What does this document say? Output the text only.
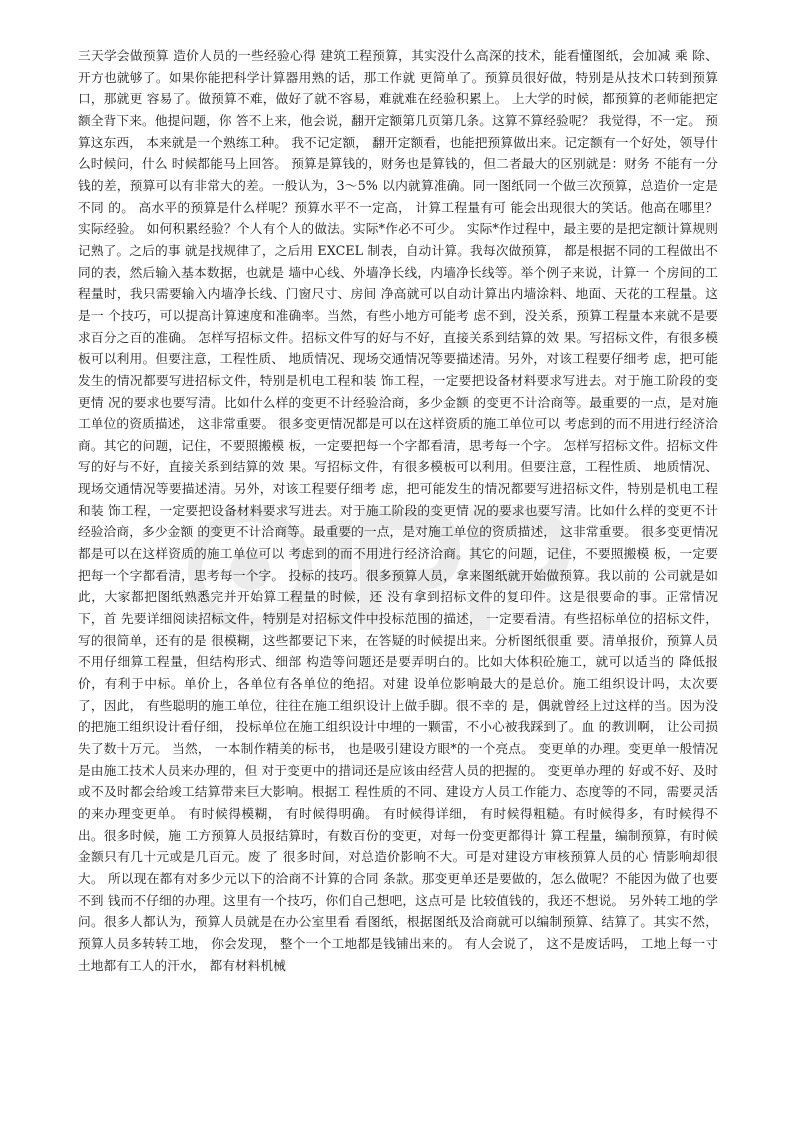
三天学会做预算 造价人员的一些经验心得 建筑工程预算，其实没什么高深的技术，能看懂图纸，会加减 乘 除、开方也就够了。如果你能把科学计算器用熟的话，那工作就 更简单了。预算员很好做，特别是从技术口转到预算口，那就更 容易了。做预算不难，做好了就不容易，难就难在经验积累上。 上大学的时候，都预算的老师能把定额全背下来。他提问题，你 答不上来，他会说，翻开定额第几页第几条。这算不算经验呢？ 我觉得，不一定。 预算这东西， 本来就是一个熟练工种。 我不记定额， 翻开定额看，也能把预算做出来。记定额有一个好处，领导什么时候问，什么 时候都能马上回答。 预算是算钱的，财务也是算钱的，但二者最大的区别就是：财务 不能有一分钱的差，预算可以有非常大的差。一般认为，3～5% 以内就算准确。同一图纸同一个做三次预算，总造价一定是不同 的。 高水平的预算是什么样呢？预算水平不一定高， 计算工程量有可 能会出现很大的笑话。他高在哪里？实际经验。 如何积累经验？个人有个人的做法。实际*作必不可少。 实际*作过程中，最主要的是把定额计算规则记熟了。之后的事 就是找规律了，之后用 EXCEL 制表，自动计算。我每次做预算， 都是根据不同的工程做出不同的表，然后输入基本数据，也就是 墙中心线、外墙净长线，内墙净长线等。举个例子来说，计算一 个房间的工程量时，我只需要输入内墙净长线、门窗尺寸、房间 净高就可以自动计算出内墙涂料、地面、天花的工程量。这是一 个技巧，可以提高计算速度和准确率。当然，有些小地方可能考 虑不到，没关系，预算工程量本来就不是要求百分之百的准确。 怎样写招标文件。招标文件写的好与不好，直接关系到结算的效 果。写招标文件，有很多模板可以利用。但要注意，工程性质、 地质情况、现场交通情况等要描述清。另外，对该工程要仔细考 虑，把可能发生的情况都要写进招标文件，特别是机电工程和装 饰工程，一定要把设备材料要求写进去。对于施工阶段的变更情 况的要求也要写清。比如什么样的变更不计经验洽商，多少金额 的变更不计洽商等。最重要的一点，是对施工单位的资质描述， 这非常重要。 很多变更情况都是可以在这样资质的施工单位可以 考虑到的而不用进行经济洽商。其它的问题，记住，不要照搬模 板，一定要把每一个字都看清，思考每一个字。 怎样写招标文件。招标文件写的好与不好，直接关系到结算的效 果。写招标文件，有很多模板可以利用。但要注意，工程性质、 地质情况、现场交通情况等要描述清。另外，对该工程要仔细考 虑，把可能发生的情况都要写进招标文件，特别是机电工程和装 饰工程，一定要把设备材料要求写进去。对于施工阶段的变更情 况的要求也要写清。比如什么样的变更不计经验洽商，多少金额 的变更不计洽商等。最重要的一点，是对施工单位的资质描述， 这非常重要。 很多变更情况都是可以在这样资质的施工单位可以 考虑到的而不用进行经济洽商。其它的问题，记住，不要照搬模 板，一定要把每一个字都看清，思考每一个字。 投标的技巧。很多预算人员，拿来图纸就开始做预算。我以前的 公司就是如此，大家都把图纸熟悉完并开始算工程量的时候，还 没有拿到招标文件的复印件。这是很要命的事。正常情况下，首 先要详细阅读招标文件，特别是对招标文件中投标范围的描述， 一定要看清。有些招标单位的招标文件，写的很简单，还有的是 很模糊，这些都要记下来，在答疑的时候提出来。分析图纸很重 要。清单报价，预算人员不用仔细算工程量，但结构形式、细部 构造等问题还是要弄明白的。比如大体积砼施工，就可以适当的 降低报价，有利于中标。单价上，各单位有各单位的绝招。对建 设单位影响最大的是总价。施工组织设计吗，太次要了，因此， 有些聪明的施工单位，往往在施工组织设计上做手脚。很不幸的 是，偶就曾经上过这样的当。因为没的把施工组织设计看仔细， 投标单位在施工组织设计中埋的一颗雷，不小心被我踩到了。血 的教训啊， 让公司损失了数十万元。 当然， 一本制作精美的标书， 也是吸引建设方眼*的一个亮点。 变更单的办理。变更单一般情况是由施工技术人员来办理的，但 对于变更中的措词还是应该由经营人员的把握的。 变更单办理的 好或不好、及时或不及时都会给竣工结算带来巨大影响。根据工 程性质的不同、建设方人员工作能力、态度等的不同，需要灵活 的来办理变更单。 有时候得模糊， 有时候得明确。 有时候得详细， 有时候得粗糙。有时候得多，有时候得不出。很多时候，施 工方预算人员报结算时，有数百份的变更，对每一份变更都得计 算工程量，编制预算，有时候金额只有几十元或是几百元。废 了 很多时间，对总造价影响不大。可是对建设方审核预算人员的心 情影响却很大。 所以现在都有对多少元以下的洽商不计算的合同 条款。那变更单还是要做的，怎么做呢？不能因为做了也要不到 钱而不仔细的办理。这里有一个技巧，你们自己想吧，这点可是 比较值钱的，我还不想说。 另外转工地的学问。很多人都认为，预算人员就是在办公室里看 看图纸，根据图纸及洽商就可以编制预算、结算了。其实不然， 预算人员多转转工地， 你会发现， 整个一个工地都是钱铺出来的。 有人会说了， 这不是废话吗， 工地上每一寸土地都有工人的汗水， 都有材料机械
